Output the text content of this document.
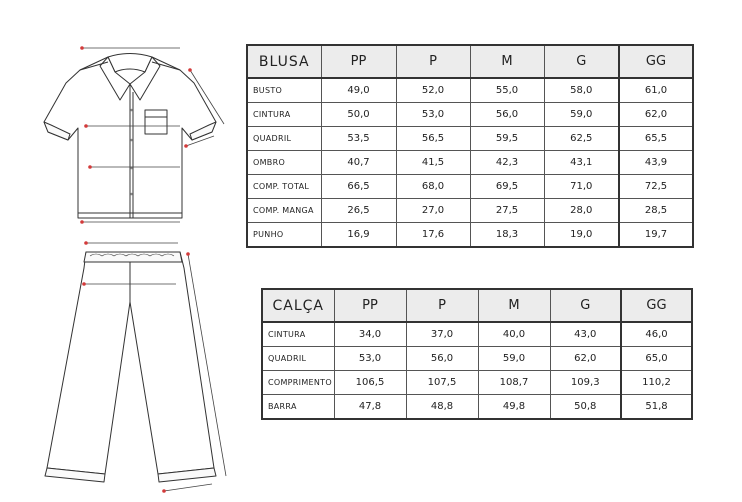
BLUSA	PP	P	M	G	GG
BUSTO	49,0	52,0	55,0	58,0	61,0
CINTURA	50,0	53,0	56,0	59,0	62,0
QUADRIL	53,5	56,5	59,5	62,5	65,5
OMBRO	40,7	41,5	42,3	43,1	43,9
COMP. TOTAL	66,5	68,0	69,5	71,0	72,5
COMP. MANGA	26,5	27,0	27,5	28,0	28,5
PUNHO	16,9	17,6	18,3	19,0	19,7
CALÇA	PP	P	M	G	GG
CINTURA	34,0	37,0	40,0	43,0	46,0
QUADRIL	53,0	56,0	59,0	62,0	65,0
COMPRIMENTO	106,5	107,5	108,7	109,3	110,2
BARRA	47,8	48,8	49,8	50,8	51,8
